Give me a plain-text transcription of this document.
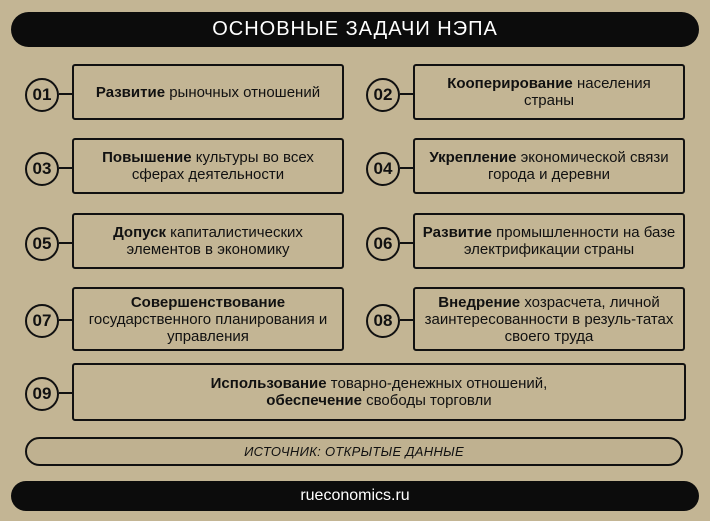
ОСНОВНЫЕ ЗАДАЧИ НЭПА
01	Развитие рыночных отношений	02
Кооперирование населения страны
03
Повышение культуры во всех сферах деятельности	04
Укрепление экономической связи города и деревни
05
Допуск капиталистических элементов в экономику	06
Развитие промышленности на базе электрификации страны
07
Совершенствование государственного планирования и управления
08
Внедрение хозрасчета, личной заинтересованности в резуль-татах своего труда
09
Использование товарно-денежных отношений,
обеспечение свободы торговли
ИСТОЧНИК: ОТКРЫТЫЕ ДАННЫЕ
rueconomics.ru
